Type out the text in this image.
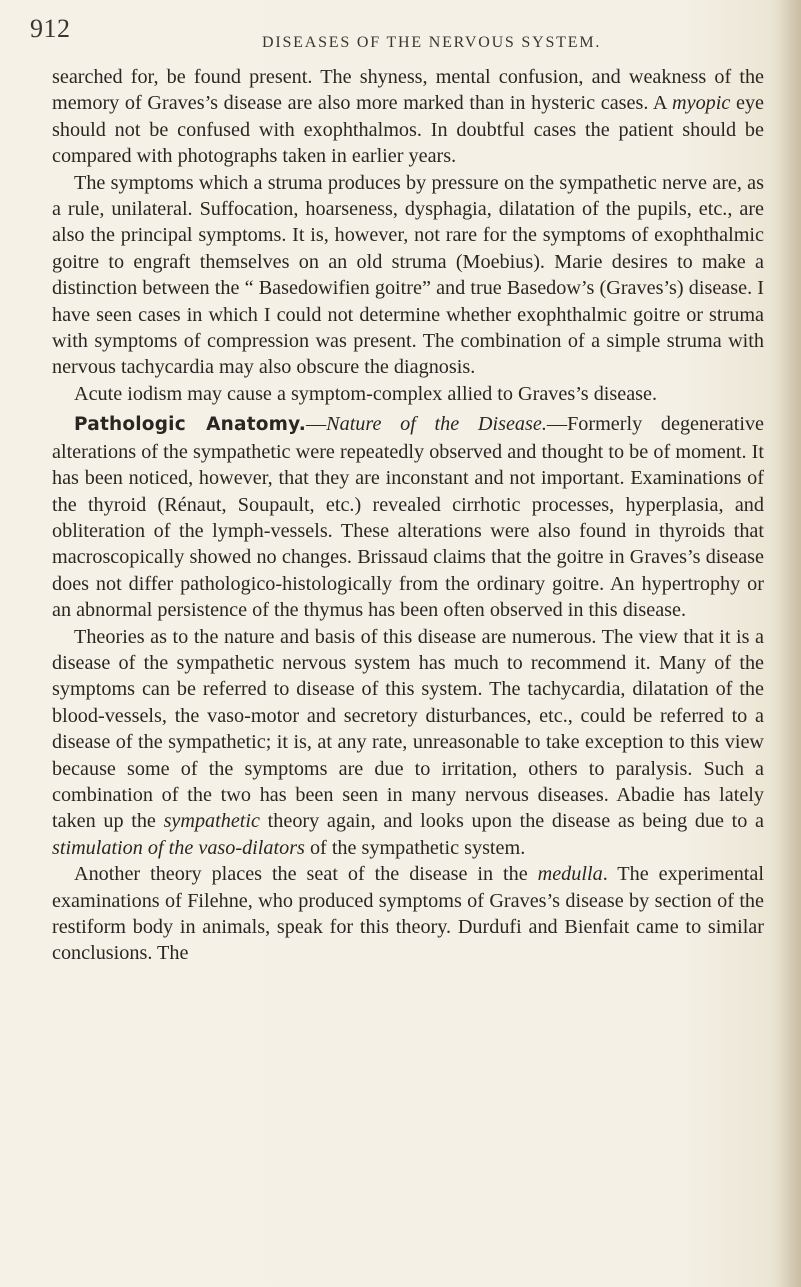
912	DISEASES OF THE NERVOUS SYSTEM.

searched for, be found present. The shyness, mental confusion, and weakness of the memory of Graves’s disease are also more marked than in hysteric cases. A myopic eye should not be confused with exophthalmos. In doubtful cases the patient should be compared with photographs taken in earlier years.

The symptoms which a struma produces by pressure on the sympathetic nerve are, as a rule, unilateral. Suffocation, hoarseness, dysphagia, dilatation of the pupils, etc., are also the principal symptoms. It is, however, not rare for the symptoms of exophthalmic goitre to engraft themselves on an old struma (Moebius). Marie desires to make a distinction between the “ Basedowifien goitre” and true Basedow’s (Graves’s) disease. I have seen cases in which I could not determine whether exophthalmic goitre or struma with symptoms of compression was present. The combination of a simple struma with nervous tachycardia may also obscure the diagnosis.

Acute iodism may cause a symptom-complex allied to Graves’s disease.

Pathologic Anatomy.—Nature of the Disease.—Formerly degenerative alterations of the sympathetic were repeatedly observed and thought to be of moment. It has been noticed, however, that they are inconstant and not important. Examinations of the thyroid (Rénaut, Soupault, etc.) revealed cirrhotic processes, hyperplasia, and obliteration of the lymph-vessels. These alterations were also found in thyroids that macroscopically showed no changes. Brissaud claims that the goitre in Graves’s disease does not differ pathologico-histologically from the ordinary goitre. An hypertrophy or an abnormal persistence of the thymus has been often observed in this disease.

Theories as to the nature and basis of this disease are numerous. The view that it is a disease of the sympathetic nervous system has much to recommend it. Many of the symptoms can be referred to disease of this system. The tachycardia, dilatation of the blood-vessels, the vaso-motor and secretory disturbances, etc., could be referred to a disease of the sympathetic; it is, at any rate, unreasonable to take exception to this view because some of the symptoms are due to irritation, others to paralysis. Such a combination of the two has been seen in many nervous diseases. Abadie has lately taken up the sympathetic theory again, and looks upon the disease as being due to a stimulation of the vaso-dilators of the sympathetic system.

Another theory places the seat of the disease in the medulla. The experimental examinations of Filehne, who produced symptoms of Graves’s disease by section of the restiform body in animals, speak for this theory. Durdufi and Bienfait came to similar conclusions. The
